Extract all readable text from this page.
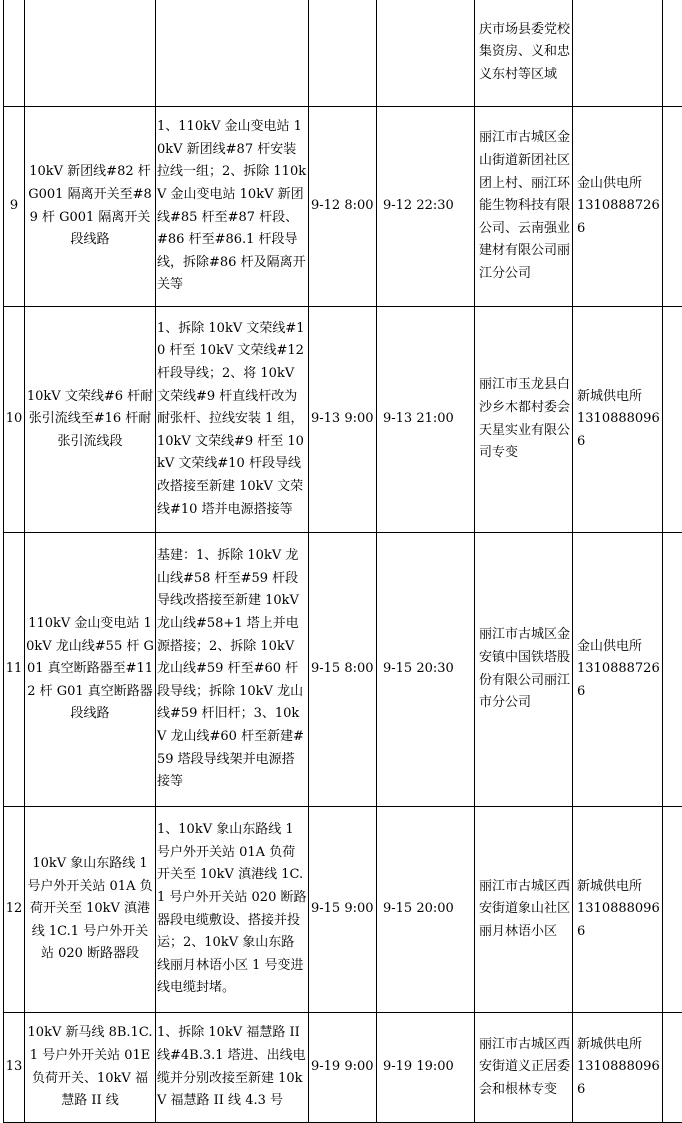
					庆市场县委党校集资房、义和忠义东村等区域	

9	10kV 新团线#82 杆 G001 隔离开关至#89 杆 G001 隔离开关段线路	1、110kV 金山变电站 10kV 新团线#87 杆安装拉线一组；2、拆除 110kV 金山变电站 10kV 新团线#85 杆至#87 杆段、#86 杆至#86.1 杆段导线，拆除#86 杆及隔离开关等	9-12 8:00	9-12 22:30	丽江市古城区金山街道新团社区团上村、丽江环能生物科技有限公司、云南强业建材有限公司丽江分公司	金山供电所
13108887266	

10	10kV 文荣线#6 杆耐张引流线至#16 杆耐张引流线段	1、拆除 10kV 文荣线#10 杆至 10kV 文荣线#12 杆段导线；2、将 10kV 文荣线#9 杆直线杆改为耐张杆、拉线安装 1 组，10kV 文荣线#9 杆至 10kV 文荣线#10 杆段导线改搭接至新建 10kV 文荣线#10 塔并电源搭接等	9-13 9:00	9-13 21:00	丽江市玉龙县白沙乡木都村委会天星实业有限公司专变	新城供电所
13108880966	

11	110kV 金山变电站 10kV 龙山线#55 杆 G01 真空断路器至#112 杆 G01 真空断路器段线路	基建：1、拆除 10kV 龙山线#58 杆至#59 杆段导线改搭接至新建 10kV 龙山线#58+1 塔上并电源搭接；2、拆除 10kV 龙山线#59 杆至#60 杆段导线；拆除 10kV 龙山线#59 杆旧杆；3、10kV 龙山线#60 杆至新建#59 塔段导线架并电源搭接等	9-15 8:00	9-15 20:30	丽江市古城区金安镇中国铁塔股份有限公司丽江市分公司	金山供电所
13108887266	

12	10kV 象山东路线 1 号户外开关站 01A 负荷开关至 10kV 滇港线 1C.1 号户外开关站 020 断路器段	1、10kV 象山东路线 1 号户外开关站 01A 负荷开关至 10kV 滇港线 1C.1 号户外开关站 020 断路器段电缆敷设、搭接并投运；2、10kV 象山东路线丽月林语小区 1 号变进线电缆封堵。	9-15 9:00	9-15 20:00	丽江市古城区西安街道象山社区丽月林语小区	新城供电所
13108880966	

13	10kV 新马线 8B.1C.1 号户外开关站 01E 负荷开关、10kV 福慧路 II 线	1、拆除 10kV 福慧路 II 线#4B.3.1 塔进、出线电缆并分别改接至新建 10kV 福慧路 II 线 4.3 号	9-19 9:00	9-19 19:00	丽江市古城区西安街道义正居委会和根林专变	新城供电所
13108880966	
